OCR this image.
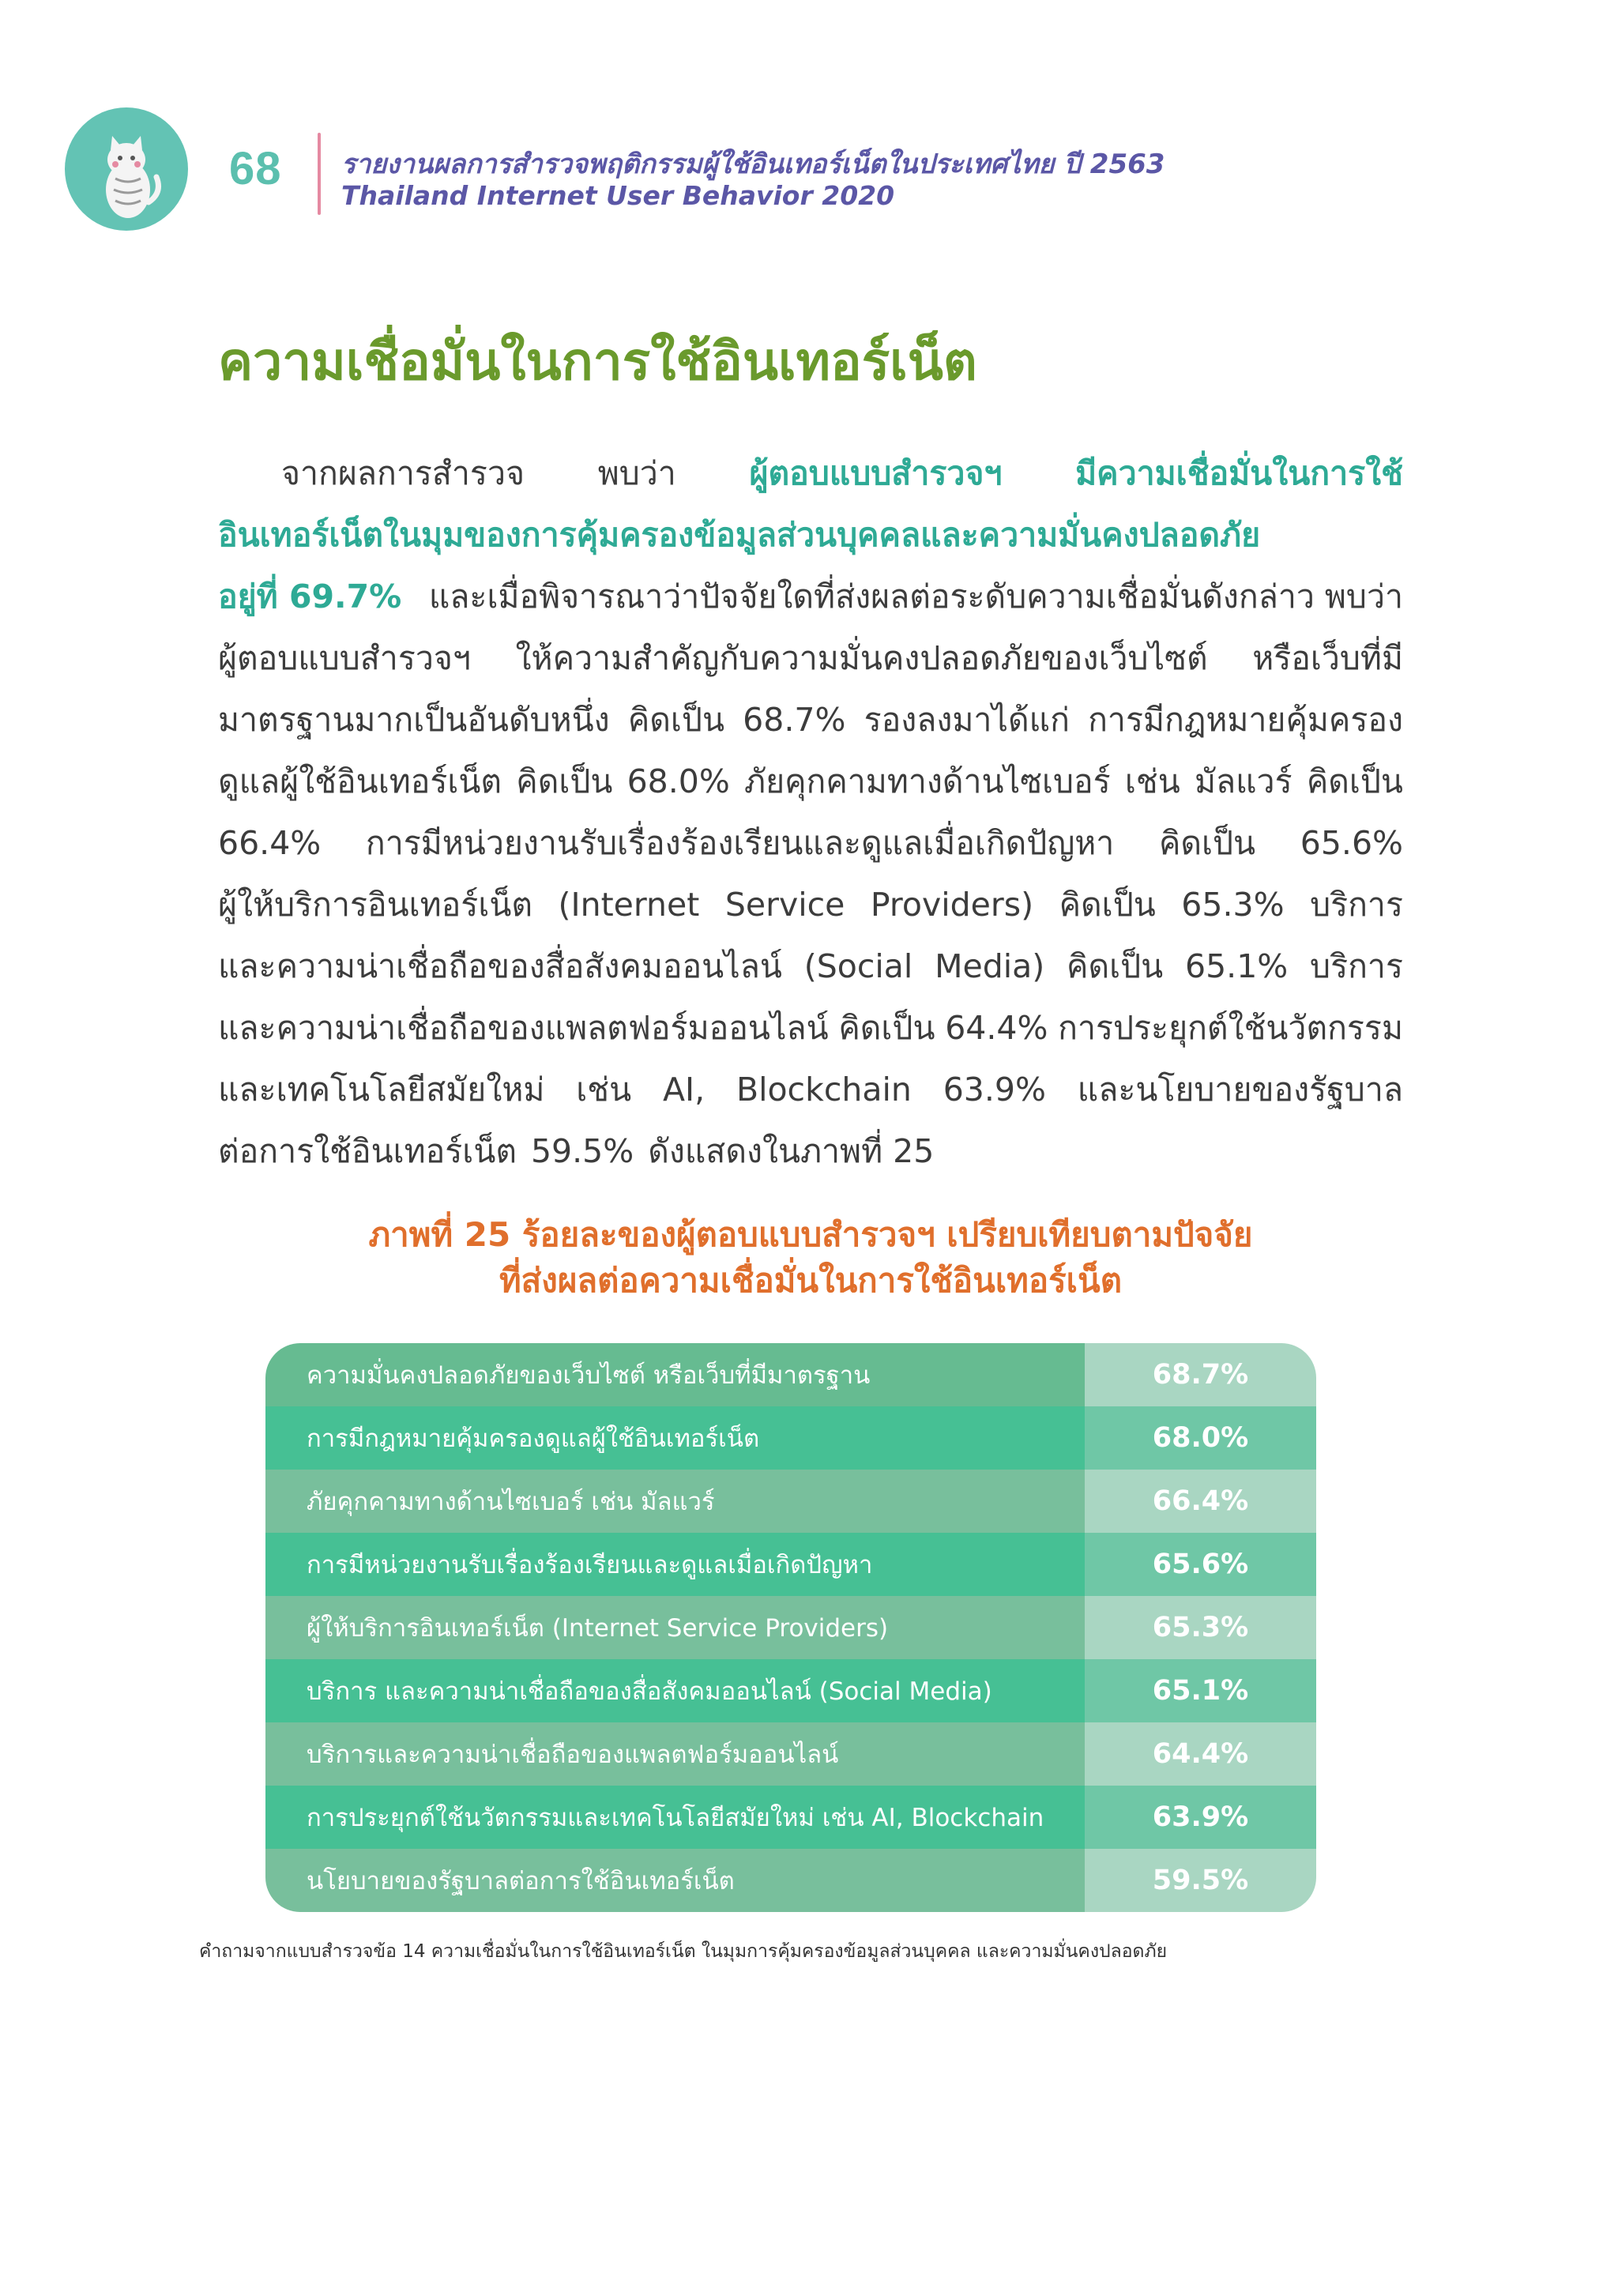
68 รายงานผลการสำรวจพฤติกรรมผู้ใช้อินเทอร์เน็ตในประเทศไทย ปี 2563
Thailand Internet User Behavior 2020
ความเชื่อมั่นในการใช้อินเทอร์เน็ต
จากผลการสำรวจ พบว่า ผู้ตอบแบบสำรวจฯ มีความเชื่อมั่นในการใช้
อินเทอร์เน็ตในมุมของการคุ้มครองข้อมูลส่วนบุคคลและความมั่นคงปลอดภัย
อยู่ที่ 69.7% และเมื่อพิจารณาว่าปัจจัยใดที่ส่งผลต่อระดับความเชื่อมั่นดังกล่าว พบว่า
ผู้ตอบแบบสำรวจฯ ให้ความสำคัญกับความมั่นคงปลอดภัยของเว็บไซต์ หรือเว็บที่มี
มาตรฐานมากเป็นอันดับหนึ่ง คิดเป็น 68.7% รองลงมาได้แก่ การมีกฎหมายคุ้มครอง
ดูแลผู้ใช้อินเทอร์เน็ต คิดเป็น 68.0% ภัยคุกคามทางด้านไซเบอร์ เช่น มัลแวร์ คิดเป็น
66.4% การมีหน่วยงานรับเรื่องร้องเรียนและดูแลเมื่อเกิดปัญหา คิดเป็น 65.6%
ผู้ให้บริการอินเทอร์เน็ต (Internet Service Providers) คิดเป็น 65.3% บริการ
และความน่าเชื่อถือของสื่อสังคมออนไลน์ (Social Media) คิดเป็น 65.1% บริการ
และความน่าเชื่อถือของแพลตฟอร์มออนไลน์ คิดเป็น 64.4% การประยุกต์ใช้นวัตกรรม
และเทคโนโลยีสมัยใหม่ เช่น AI, Blockchain 63.9% และนโยบายของรัฐบาล
ต่อการใช้อินเทอร์เน็ต 59.5% ดังแสดงในภาพที่ 25
ภาพที่ 25 ร้อยละของผู้ตอบแบบสำรวจฯ เปรียบเทียบตามปัจจัย
ที่ส่งผลต่อความเชื่อมั่นในการใช้อินเทอร์เน็ต
ความมั่นคงปลอดภัยของเว็บไซต์ หรือเว็บที่มีมาตรฐาน	68.7%
การมีกฎหมายคุ้มครองดูแลผู้ใช้อินเทอร์เน็ต	68.0%
ภัยคุกคามทางด้านไซเบอร์ เช่น มัลแวร์	66.4%
การมีหน่วยงานรับเรื่องร้องเรียนและดูแลเมื่อเกิดปัญหา	65.6%
ผู้ให้บริการอินเทอร์เน็ต (Internet Service Providers)	65.3%
บริการ และความน่าเชื่อถือของสื่อสังคมออนไลน์ (Social Media)	65.1%
บริการและความน่าเชื่อถือของแพลตฟอร์มออนไลน์	64.4%
การประยุกต์ใช้นวัตกรรมและเทคโนโลยีสมัยใหม่ เช่น AI, Blockchain	63.9%
นโยบายของรัฐบาลต่อการใช้อินเทอร์เน็ต	59.5%
คำถามจากแบบสำรวจข้อ 14 ความเชื่อมั่นในการใช้อินเทอร์เน็ต ในมุมการคุ้มครองข้อมูลส่วนบุคคล และความมั่นคงปลอดภัย
